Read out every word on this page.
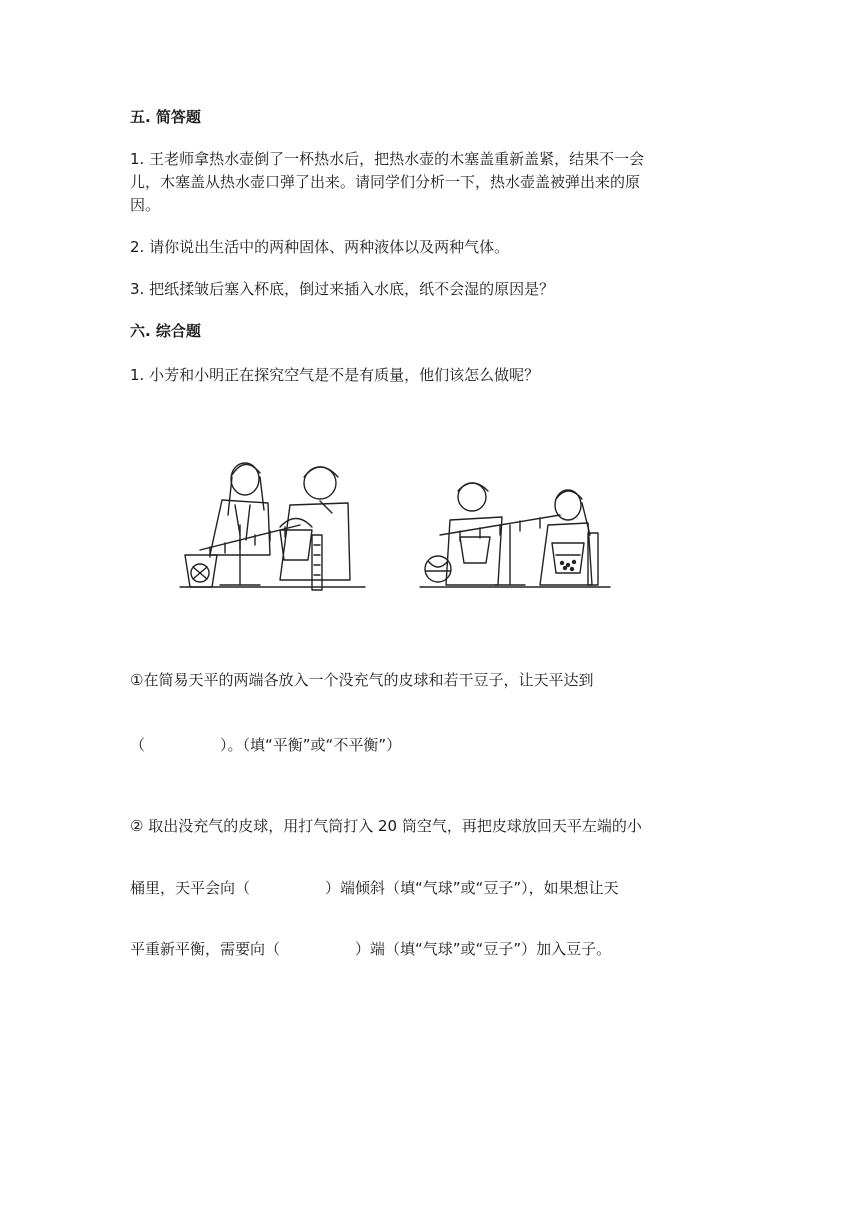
五. 简答题
1. 王老师拿热水壶倒了一杯热水后，把热水壶的木塞盖重新盖紧，结果不一会
儿，木塞盖从热水壶口弹了出来。请同学们分析一下，热水壶盖被弹出来的原
因。
2. 请你说出生活中的两种固体、两种液体以及两种气体。
3. 把纸揉皱后塞入杯底，倒过来插入水底，纸不会湿的原因是？
六. 综合题
1. 小芳和小明正在探究空气是不是有质量，他们该怎么做呢？
①在简易天平的两端各放入一个没充气的皮球和若干豆子，让天平达到
（　　　　　）。（填“平衡”或“不平衡”）
② 取出没充气的皮球，用打气筒打入 20 筒空气，再把皮球放回天平左端的小
桶里，天平会向（　　　　　）端倾斜（填“气球”或“豆子”），如果想让天
平重新平衡，需要向（　　　　　）端（填“气球”或“豆子”）加入豆子。
